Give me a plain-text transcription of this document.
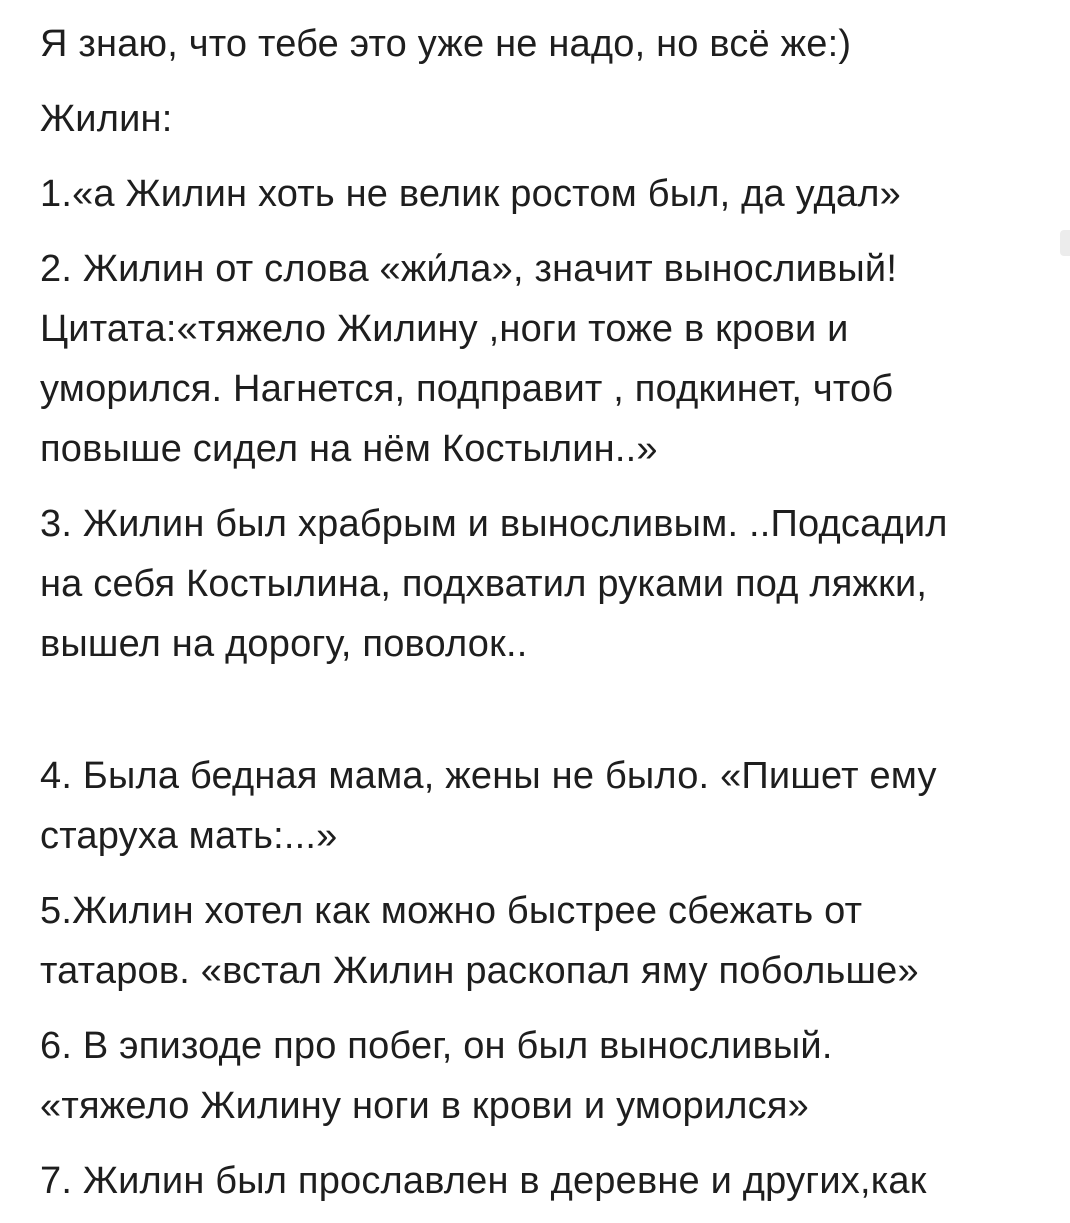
Я знаю, что тебе это уже не надо, но всё же:)

Жилин:

1.«а Жилин хоть не велик ростом был, да удал»

2. Жилин от слова «жи́ла», значит выносливый!
Цитата:«тяжело Жилину ,ноги тоже в крови и
уморился. Нагнется, подправит , подкинет, чтоб
повыше сидел на нём Костылин..»

3. Жилин был храбрым и выносливым. ..Подсадил
на себя Костылина, подхватил руками под ляжки,
вышел на дорогу, поволок..

4. Была бедная мама, жены не было. «Пишет ему
старуха мать:...»

5.Жилин хотел как можно быстрее сбежать от
татаров. «встал Жилин раскопал яму побольше»

6. В эпизоде про побег, он был выносливый.
«тяжело Жилину ноги в крови и уморился»

7. Жилин был прославлен в деревне и других,как
